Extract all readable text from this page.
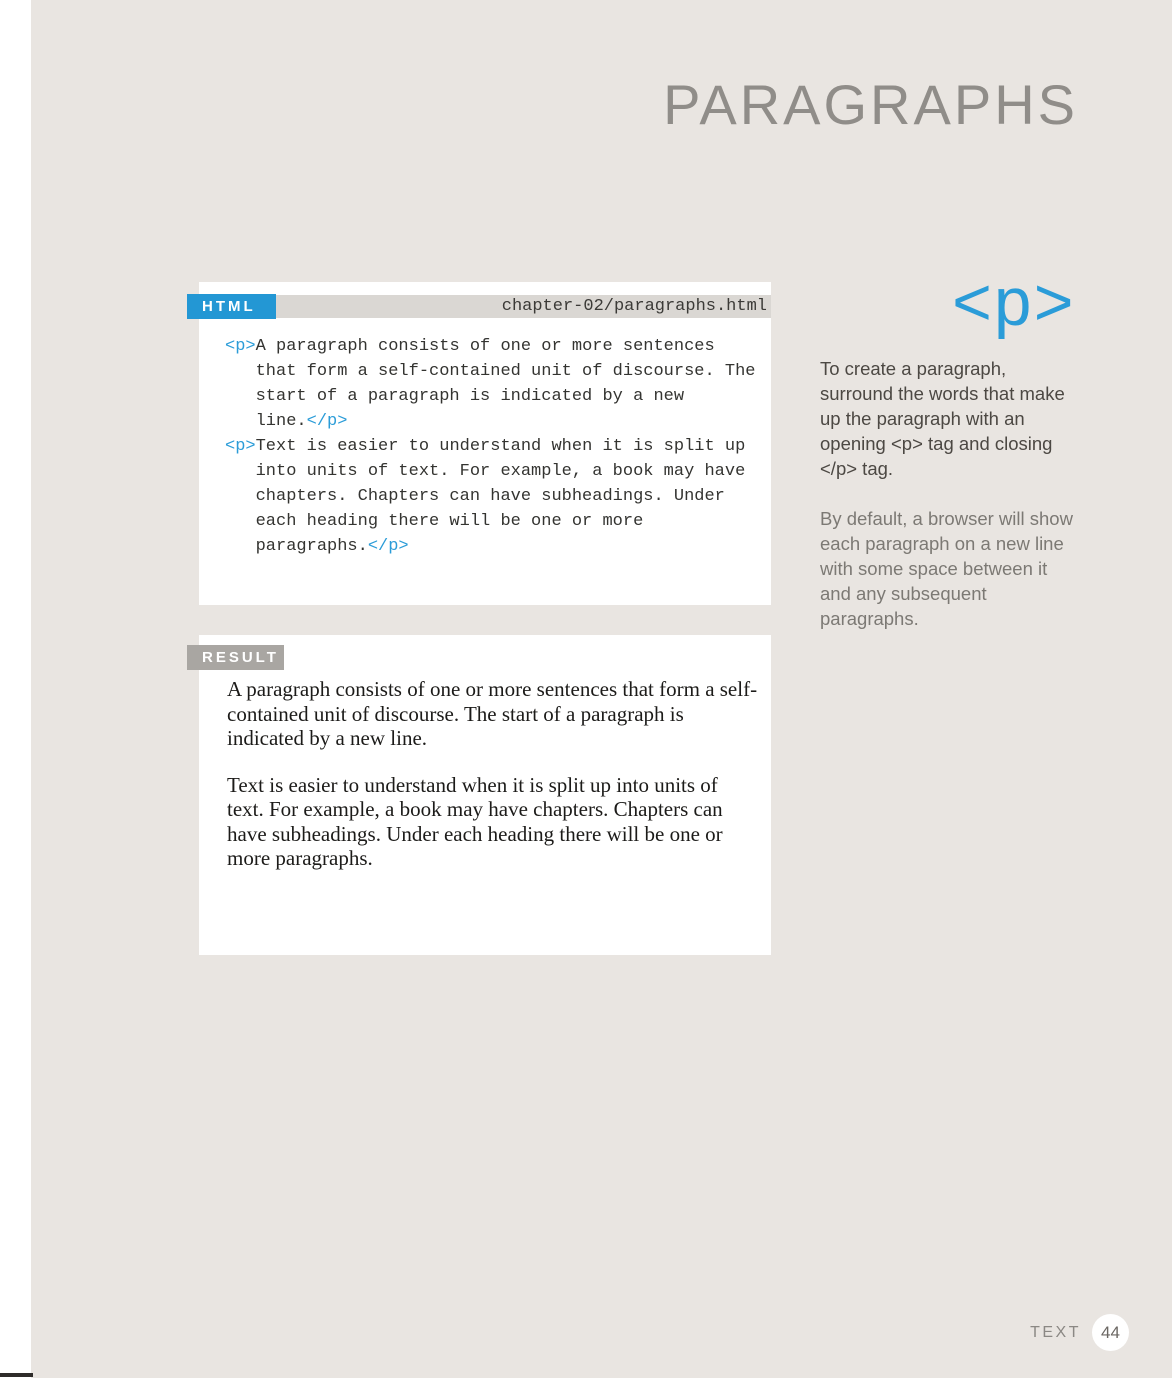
PARAGRAPHS
HTML	chapter-02/paragraphs.html
<p>A paragraph consists of one or more sentences
that form a self-contained unit of discourse. The
start of a paragraph is indicated by a new
line.</p>
<p>Text is easier to understand when it is split up
into units of text. For example, a book may have
chapters. Chapters can have subheadings. Under
each heading there will be one or more
paragraphs.</p>
RESULT

A paragraph consists of one or more sentences that form a self-contained unit of discourse. The start of a paragraph is indicated by a new line.

Text is easier to understand when it is split up into units of text. For example, a book may have chapters. Chapters can have subheadings. Under each heading there will be one or more paragraphs.

<p>
To create a paragraph, surround the words that make up the paragraph with an opening <p> tag and closing </p> tag.
By default, a browser will show each paragraph on a new line with some space between it and any subsequent paragraphs.
TEXT 44
